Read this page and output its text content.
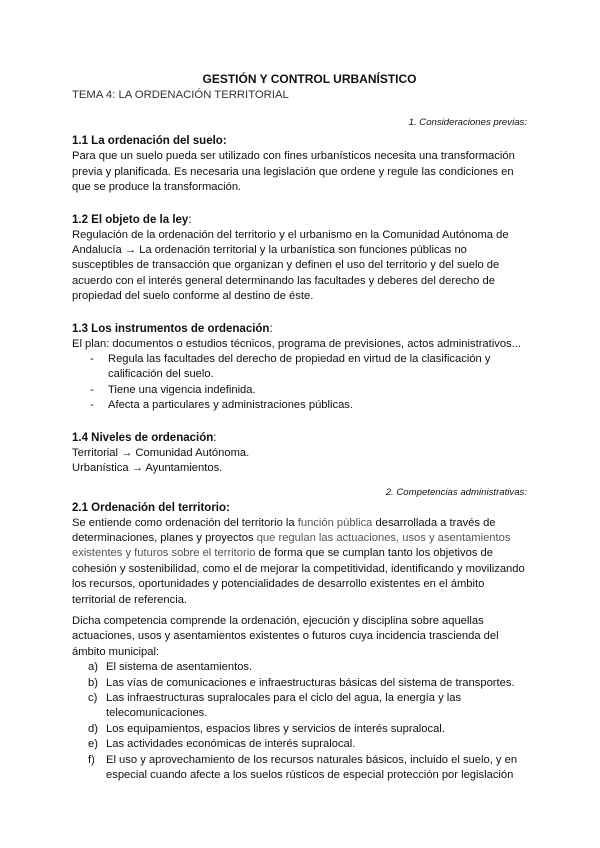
GESTIÓN Y CONTROL URBANÍSTICO
TEMA 4: LA ORDENACIÓN TERRITORIAL
1. Consideraciones previas:
1.1 La ordenación del suelo:

Para que un suelo pueda ser utilizado con fines urbanísticos necesita una transformación previa y planificada. Es necesaria una legislación que ordene y regule las condiciones en que se produce la transformación.

1.2 El objeto de la ley:

Regulación de la ordenación del territorio y el urbanismo en la Comunidad Autónoma de Andalucía → La ordenación territorial y la urbanística son funciones públicas no susceptibles de transacción que organizan y definen el uso del territorio y del suelo de acuerdo con el interés general determinando las facultades y deberes del derecho de propiedad del suelo conforme al destino de éste.

1.3 Los instrumentos de ordenación:

El plan: documentos o estudios técnicos, programa de previsiones, actos administrativos...

- Regula las facultades del derecho de propiedad en virtud de la clasificación y calificación del suelo.
- Tiene una vigencia indefinida.
- Afecta a particulares y administraciones públicas.
1.4 Niveles de ordenación:

Territorial → Comunidad Autónoma.

Urbanística → Ayuntamientos.

2. Competencias administrativas:
2.1 Ordenación del territorio:

Se entiende como ordenación del territorio la función pública desarrollada a través de determinaciones, planes y proyectos que regulan las actuaciones, usos y asentamientos existentes y futuros sobre el territorio de forma que se cumplan tanto los objetivos de cohesión y sostenibilidad, como el de mejorar la competitividad, identificando y movilizando los recursos, oportunidades y potencialidades de desarrollo existentes en el ámbito territorial de referencia.

Dicha competencia comprende la ordenación, ejecución y disciplina sobre aquellas actuaciones, usos y asentamientos existentes o futuros cuya incidencia trascienda del ámbito municipal:

a) El sistema de asentamientos.
b) Las vías de comunicaciones e infraestructuras básicas del sistema de transportes.
c) Las infraestructuras supralocales para el ciclo del agua, la energía y las telecomunicaciones.
d) Los equipamientos, espacios libres y servicios de interés supralocal.
e) Las actividades económicas de interés supralocal.
f) El uso y aprovechamiento de los recursos naturales básicos, incluido el suelo, y en especial cuando afecte a los suelos rústicos de especial protección por legislación
